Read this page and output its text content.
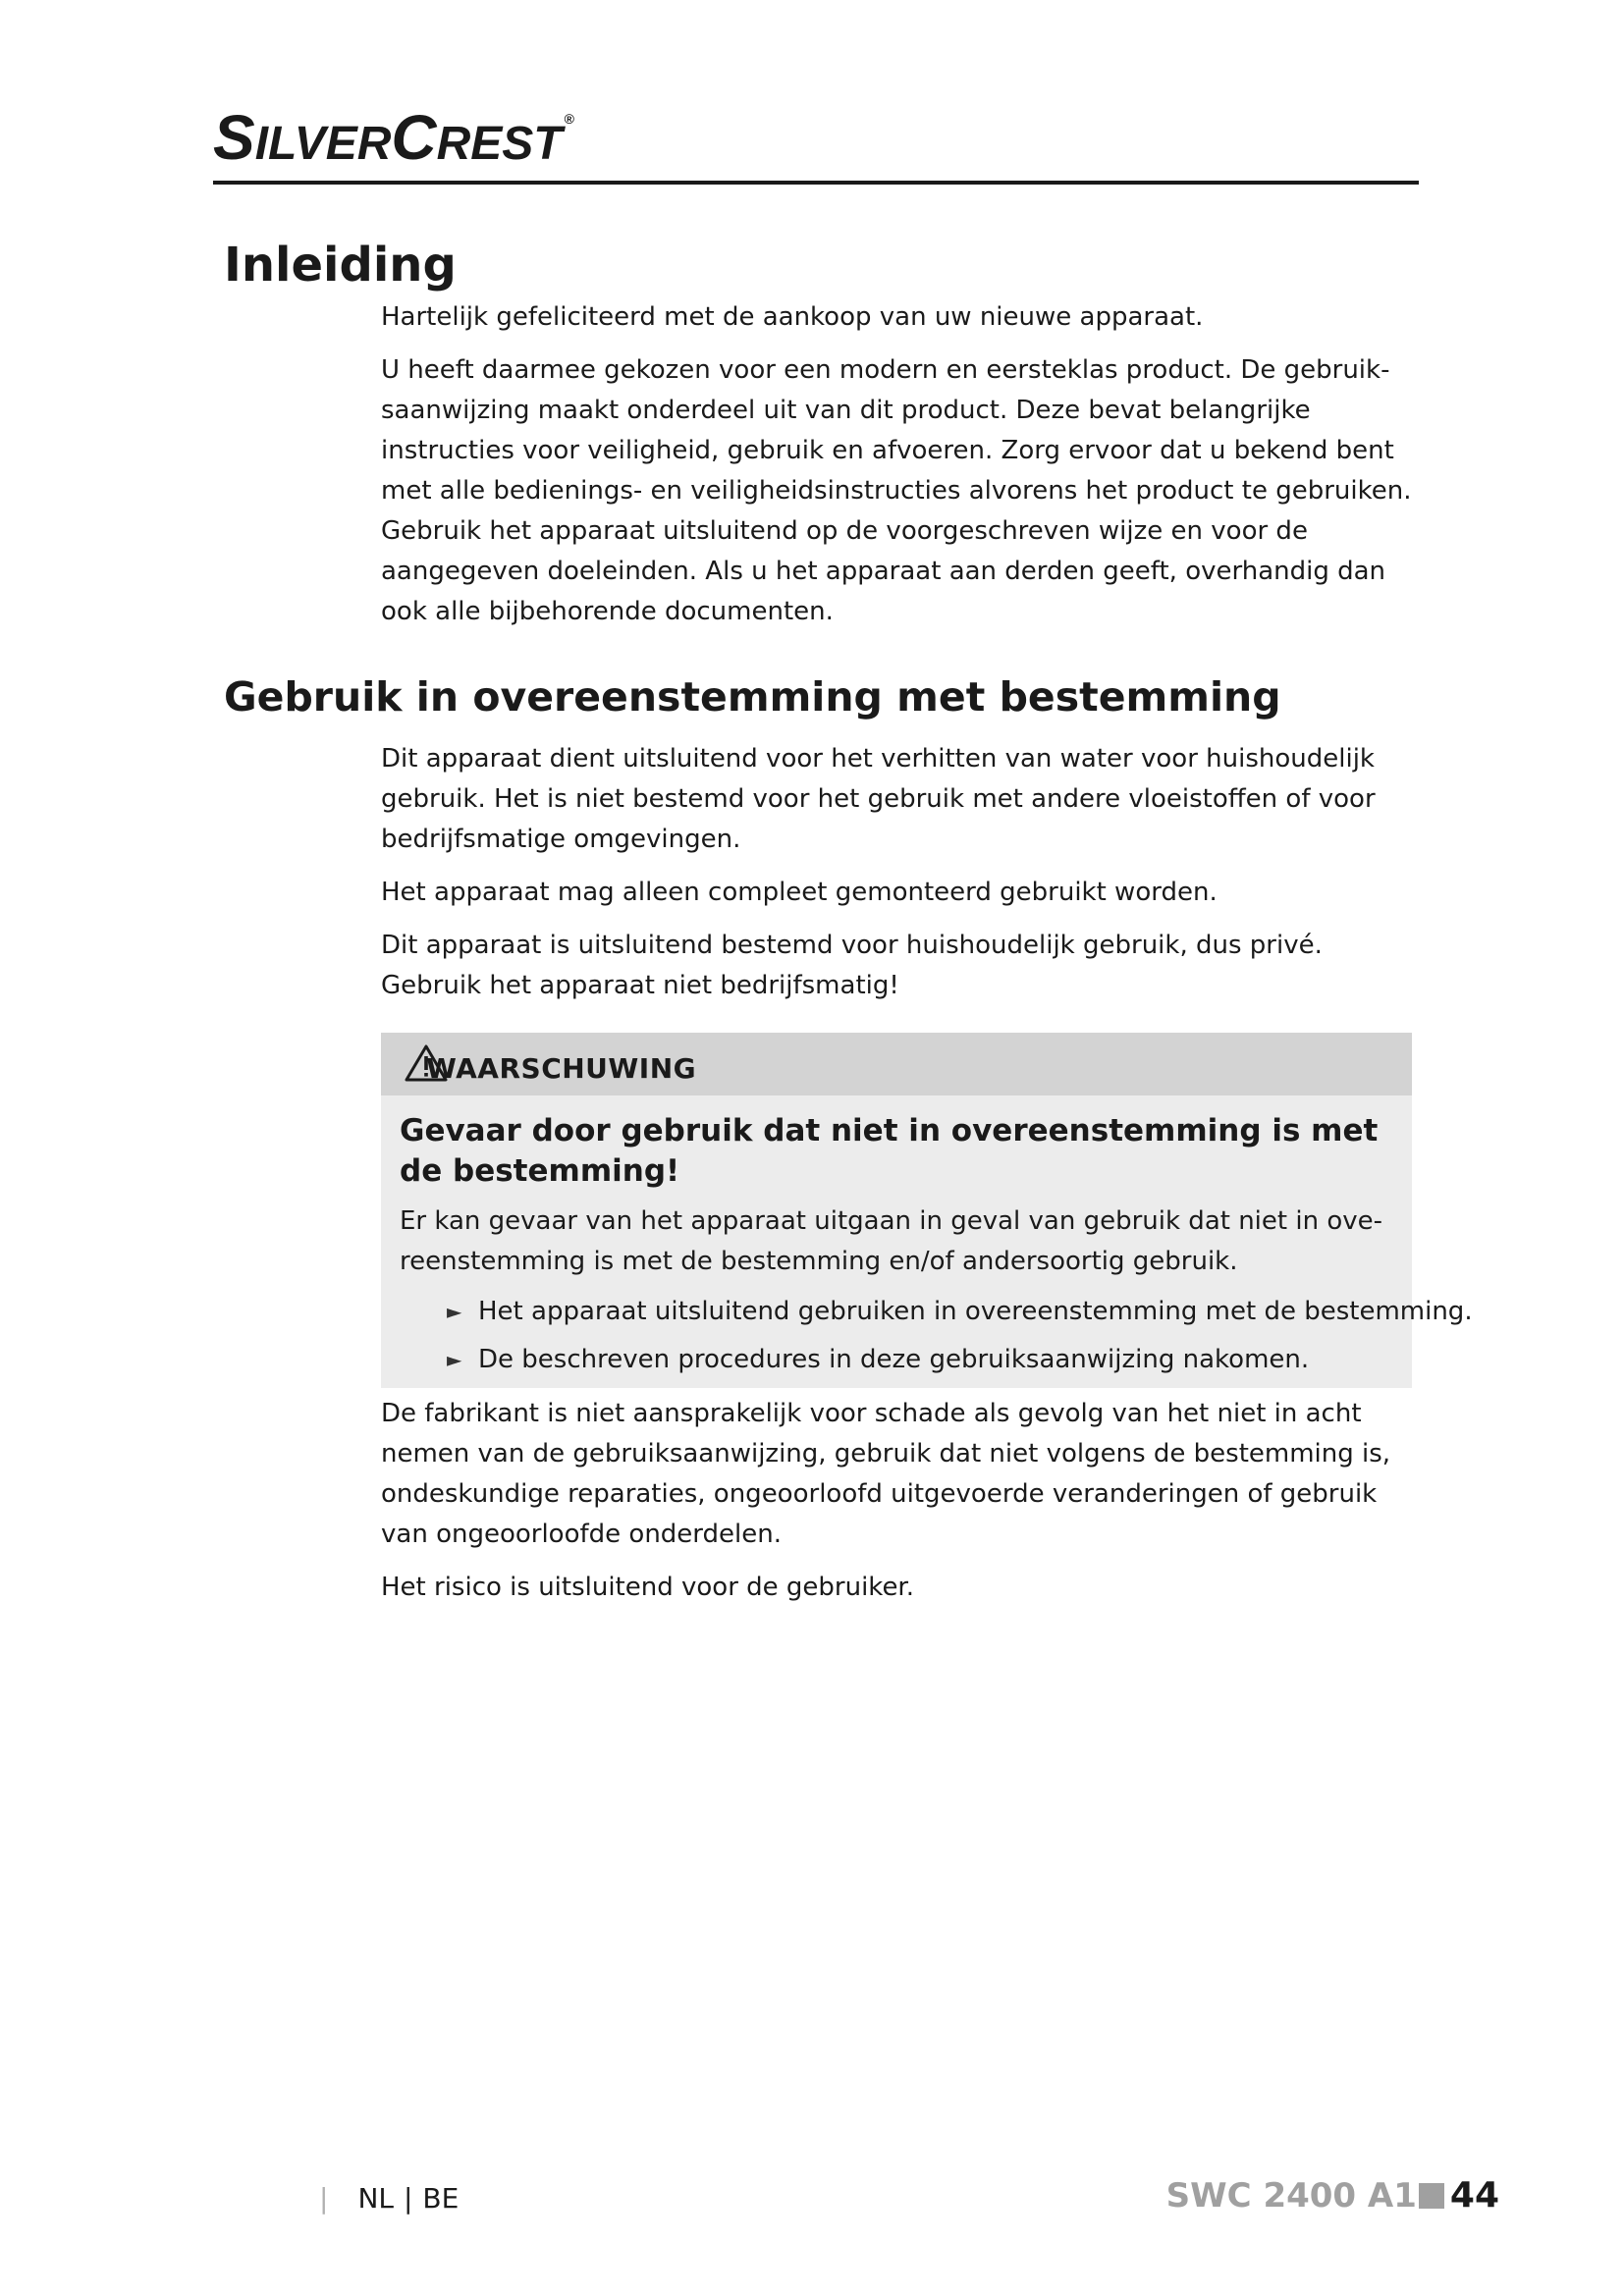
SILVERCREST ®
Inleiding

Hartelijk gefeliciteerd met de aankoop van uw nieuwe apparaat.

U heeft daarmee gekozen voor een modern en eersteklas product. De gebruiksaanwijzing maakt onderdeel uit van dit product. Deze bevat belangrijke instructies voor veiligheid, gebruik en afvoeren. Zorg ervoor dat u bekend bent met alle bedienings- en veiligheidsinstructies alvorens het product te gebruiken. Gebruik het apparaat uitsluitend op de voorgeschreven wijze en voor de aangegeven doeleinden. Als u het apparaat aan derden geeft, overhandig dan ook alle bijbehorende documenten.

Gebruik in overeenstemming met bestemming

Dit apparaat dient uitsluitend voor het verhitten van water voor huishoudelijk gebruik. Het is niet bestemd voor het gebruik met andere vloeistoffen of voor bedrijfsmatige omgevingen.

Het apparaat mag alleen compleet gemonteerd gebruikt worden.

Dit apparaat is uitsluitend bestemd voor huishoudelijk gebruik, dus privé. Gebruik het apparaat niet bedrijfsmatig!

WAARSCHUWING

Gevaar door gebruik dat niet in overeenstemming is met de bestemming!

Er kan gevaar van het apparaat uitgaan in geval van gebruik dat niet in overeenstemming is met de bestemming en/of andersoortig gebruik.

► Het apparaat uitsluitend gebruiken in overeenstemming met de bestemming.
► De beschreven procedures in deze gebruiksaanwijzing nakomen.

De fabrikant is niet aansprakelijk voor schade als gevolg van het niet in acht nemen van de gebruiksaanwijzing, gebruik dat niet volgens de bestemming is, ondeskundige reparaties, ongeoorloofd uitgevoerde veranderingen of gebruik van ongeoorloofde onderdelen.

Het risico is uitsluitend voor de gebruiker.

| NL | BE	SWC 2400 A1 44
